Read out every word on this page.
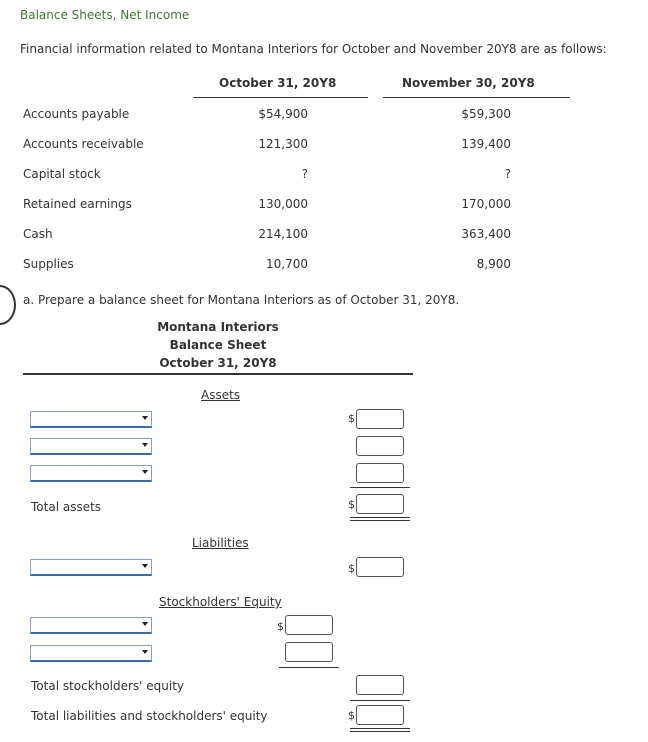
Balance Sheets, Net Income
Financial information related to Montana Interiors for October and November 20Y8 are as follows:
October 31, 20Y8	November 30, 20Y8
Accounts payable	$54,900	$59,300
Accounts receivable	121,300	139,400
Capital stock	?	?
Retained earnings	130,000	170,000
Cash	214,100	363,400
Supplies	10,700	8,900
a. Prepare a balance sheet for Montana Interiors as of October 31, 20Y8.
Montana Interiors
Balance Sheet
October 31, 20Y8
Assets
$
Total assets	$
Liabilities
$
Stockholders' Equity
$
Total stockholders' equity
Total liabilities and stockholders' equity	$
